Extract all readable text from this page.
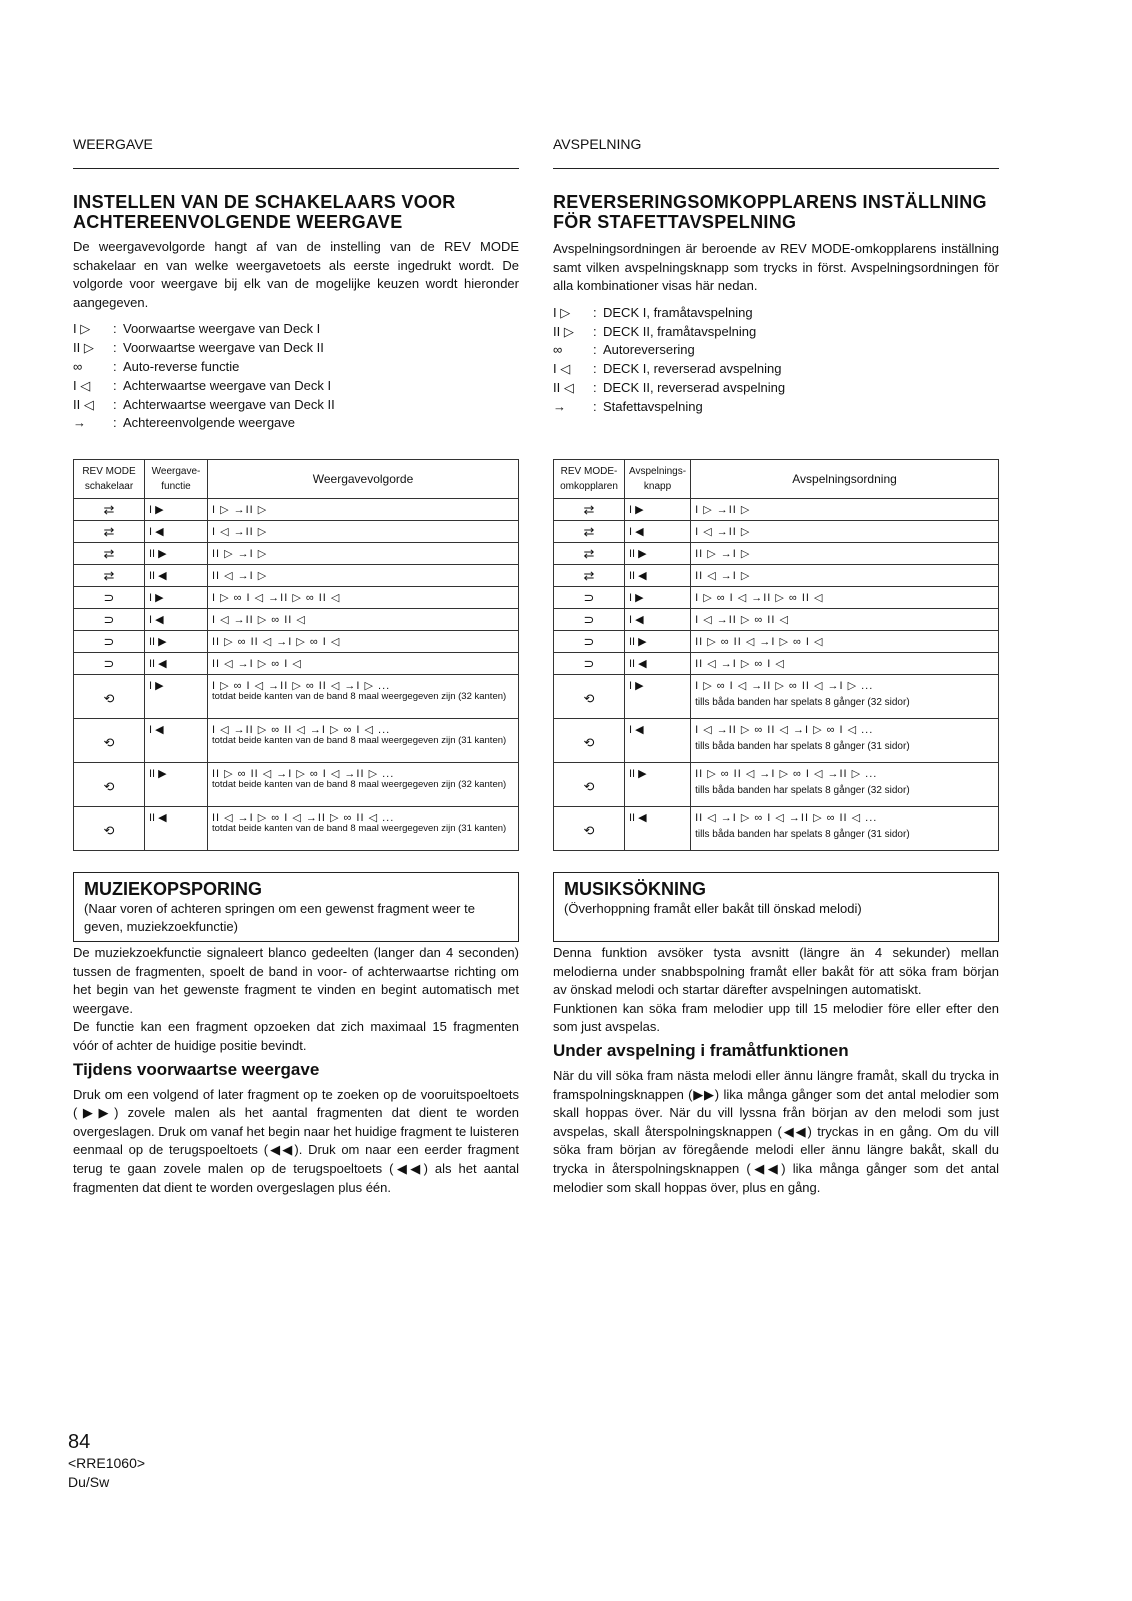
WEERGAVE
INSTELLEN VAN DE SCHAKELAARS VOOR ACHTEREENVOLGENDE WEERGAVE

De weergavevolgorde hangt af van de instelling van de REV MODE schakelaar en van welke weergavetoets als eerste ingedrukt wordt. De volgorde voor weergave bij elk van de mogelijke keuzen wordt hieronder aangegeven.

I ▷	: Voorwaartse weergave van Deck I
II ▷	: Voorwaartse weergave van Deck II
∞	: Auto-reverse functie
I ◁	: Achterwaartse weergave van Deck I
II ◁	: Achterwaartse weergave van Deck II
→	: Achtereenvolgende weergave
REV MODE schakelaar	Weergave-functie	Weergavevolgorde
⇄	I ▶	I ▷ →II ▷

⇄	I ◀	I ◁ →II ▷

⇄	II ▶	II ▷ →I ▷

⇄	II ◀	II ◁ →I ▷

⊃	I ▶	I ▷ ∞ I ◁ →II ▷ ∞ II ◁

⊃	I ◀	I ◁ →II ▷ ∞ II ◁

⊃	II ▶	II ▷ ∞ II ◁ →I ▷ ∞ I ◁

⊃	II ◀	II ◁ →I ▷ ∞ I ◁

⟲	I ▶	I ▷ ∞ I ◁ →II ▷ ∞ II ◁ →I ▷ ...
totdat beide kanten van de band 8 maal weergegeven zijn (32 kanten)

⟲	I ◀	I ◁ →II ▷ ∞ II ◁ →I ▷ ∞ I ◁ ...
totdat beide kanten van de band 8 maal weergegeven zijn (31 kanten)

⟲	II ▶	II ▷ ∞ II ◁ →I ▷ ∞ I ◁ →II ▷ ...
totdat beide kanten van de band 8 maal weergegeven zijn (32 kanten)

⟲	II ◀	II ◁ →I ▷ ∞ I ◁ →II ▷ ∞ II ◁ ...
totdat beide kanten van de band 8 maal weergegeven zijn (31 kanten)
MUZIEKOPSPORING
(Naar voren of achteren springen om een gewenst fragment weer te geven, muziekzoekfunctie)

De muziekzoekfunctie signaleert blanco gedeelten (langer dan 4 seconden) tussen de fragmenten, spoelt de band in voor- of achterwaartse richting om het begin van het gewenste fragment te vinden en begint automatisch met weergave.

De functie kan een fragment opzoeken dat zich maximaal 15 fragmenten vóór of achter de huidige positie bevindt.

Tijdens voorwaartse weergave

Druk om een volgend of later fragment op te zoeken op de vooruitspoeltoets (▶▶) zovele malen als het aantal fragmenten dat dient te worden overgeslagen. Druk om vanaf het begin naar het huidige fragment te luisteren eenmaal op de terugspoeltoets (◀◀). Druk om naar een eerder fragment terug te gaan zovele malen op de terugspoeltoets (◀◀) als het aantal fragmenten dat dient te worden overgeslagen plus één.

AVSPELNING
REVERSERINGSOMKOPPLARENS INSTÄLLNING FÖR STAFETTAVSPELNING

Avspelningsordningen är beroende av REV MODE-omkopplarens inställning samt vilken avspelningsknapp som trycks in först. Avspelningsordningen för alla kombinationer visas här nedan.

I ▷	: DECK I, framåtavspelning
II ▷	: DECK II, framåtavspelning
∞	: Autoreversering
I ◁	: DECK I, reverserad avspelning
II ◁	: DECK II, reverserad avspelning
→	: Stafettavspelning
REV MODE-omkopplaren	Avspelnings-knapp	Avspelningsordning
⇄	I ▶	I ▷ →II ▷

⇄	I ◀	I ◁ →II ▷

⇄	II ▶	II ▷ →I ▷

⇄	II ◀	II ◁ →I ▷

⊃	I ▶	I ▷ ∞ I ◁ →II ▷ ∞ II ◁

⊃	I ◀	I ◁ →II ▷ ∞ II ◁

⊃	II ▶	II ▷ ∞ II ◁ →I ▷ ∞ I ◁

⊃	II ◀	II ◁ →I ▷ ∞ I ◁

⟲	I ▶	I ▷ ∞ I ◁ →II ▷ ∞ II ◁ →I ▷ ...
tills båda banden har spelats 8 gånger (32 sidor)

⟲	I ◀	I ◁ →II ▷ ∞ II ◁ →I ▷ ∞ I ◁ ...
tills båda banden har spelats 8 gånger (31 sidor)

⟲	II ▶	II ▷ ∞ II ◁ →I ▷ ∞ I ◁ →II ▷ ...
tills båda banden har spelats 8 gånger (32 sidor)

⟲	II ◀	II ◁ →I ▷ ∞ I ◁ →II ▷ ∞ II ◁ ...
tills båda banden har spelats 8 gånger (31 sidor)
MUSIKSÖKNING
(Överhoppning framåt eller bakåt till önskad melodi)

Denna funktion avsöker tysta avsnitt (längre än 4 sekunder) mellan melodierna under snabbspolning framåt eller bakåt för att söka fram början av önskad melodi och startar därefter avspelningen automatiskt.

Funktionen kan söka fram melodier upp till 15 melodier före eller efter den som just avspelas.

Under avspelning i framåtfunktionen

När du vill söka fram nästa melodi eller ännu längre framåt, skall du trycka in framspolningsknappen (▶▶) lika många gånger som det antal melodier som skall hoppas över. När du vill lyssna från början av den melodi som just avspelas, skall återspolningsknappen (◀◀) tryckas in en gång. Om du vill söka fram början av föregående melodi eller ännu längre bakåt, skall du trycka in återspolningsknappen (◀◀) lika många gånger som det antal melodier som skall hoppas över, plus en gång.

84
<RRE1060>
Du/Sw
